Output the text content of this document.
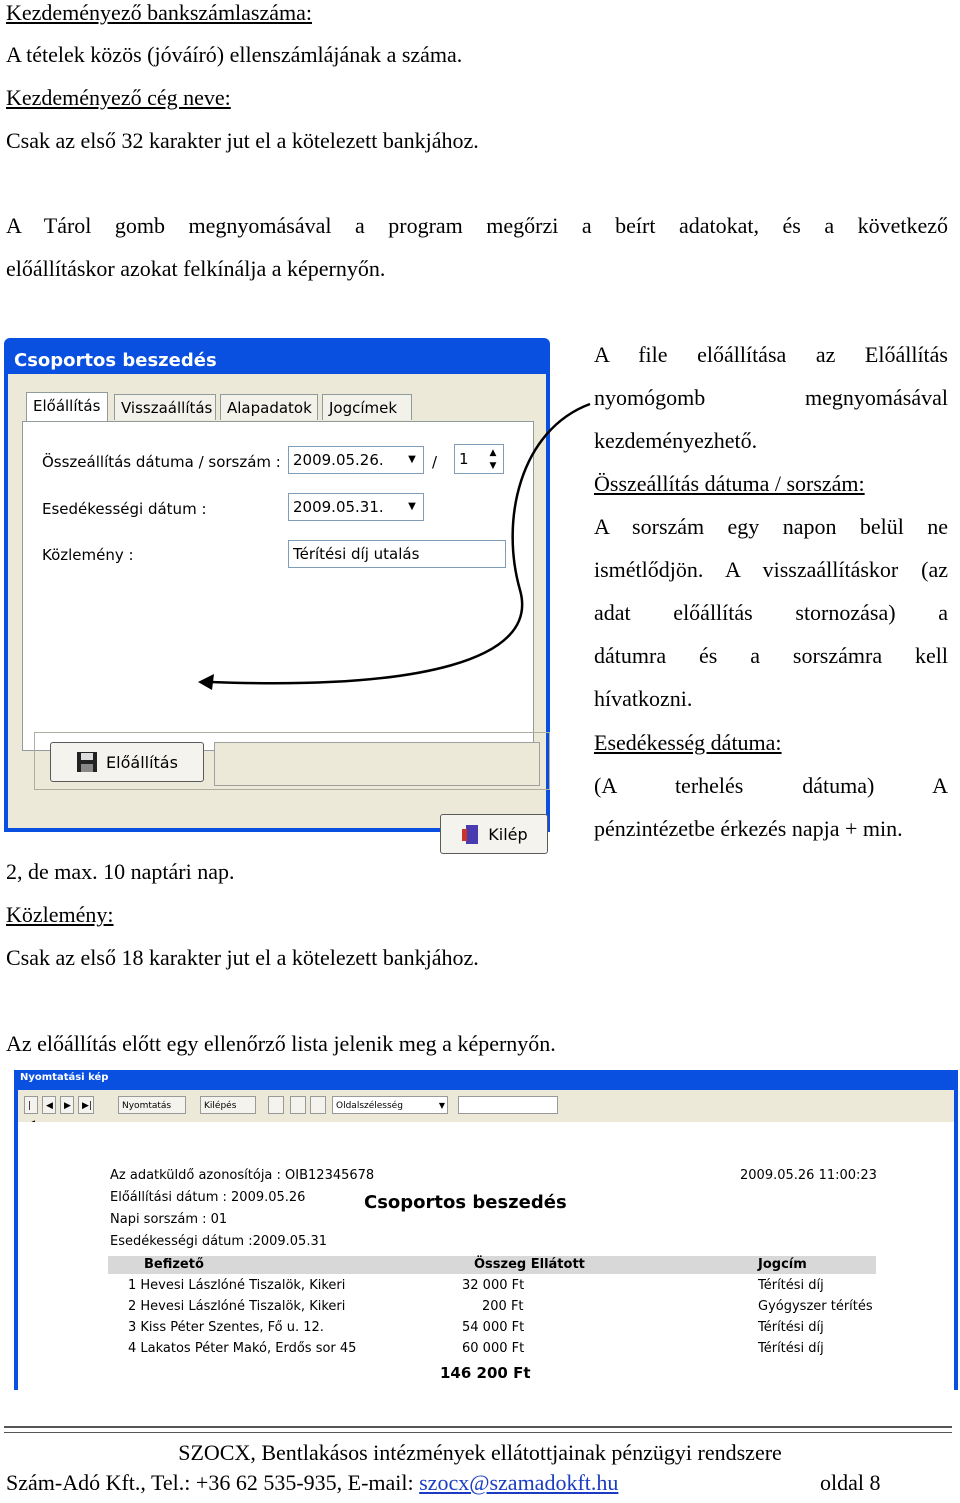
Kezdeményező bankszámlaszáma:
A tételek közös (jóváíró) ellenszámlájának a száma.
Kezdeményező cég neve:
Csak az első 32 karakter jut el a kötelezett bankjához.
A Tárol gomb megnyomásával a program megőrzi a beírt adatokat, és a következő
előállításkor azokat felkínálja a képernyőn.
A file előállítása az Előállítás
nyomógomb megnyomásával
kezdeményezhető.
Összeállítás dátuma / sorszám:
A sorszám egy napon belül ne
ismétlődjön. A visszaállításkor (az
adat előállítás stornozása) a
dátumra és a sorszámra kell
hívatkozni.
Esedékesség dátuma:
(A terhelés dátuma) A
pénzintézetbe érkezés napja + min.
Csoportos beszedés
Előállítás	Visszaállítás Alapadatok	Jogcímek
Összeállítás dátuma / sorszám : 2009.05.26.	▼	/	1	▲
▼
Esedékességi dátum :	2009.05.31.	▼
Közlemény :	Térítési díj utalás
Előállítás
Kilép
2, de max. 10 naptári nap.
Közlemény:
Csak az első 18 karakter jut el a kötelezett bankjához.
Az előállítás előtt egy ellenőrző lista jelenik meg a képernyőn.
Nyomtatási kép
|	◀	▶	▶|	Nyomtatás	Kilépés	Oldalszélesség	▼
Az adatküldő azonosítója : OIB12345678
Előállítási dátum : 2009.05.26
Napi sorszám : 01
Esedékességi dátum :2009.05.31
2009.05.26 11:00:23
Csoportos beszedés
Befizető	Összeg Ellátott	Jogcím
1 Hevesi Lászlóné Tiszalök, Kikeri	32 000 Ft	Térítési díj
2 Hevesi Lászlóné Tiszalök, Kikeri	200 Ft	Gyógyszer térítés
3 Kiss Péter Szentes, Fő u. 12.	54 000 Ft	Térítési díj
4 Lakatos Péter Makó, Erdős sor 45	60 000 Ft	Térítési díj
146 200 Ft
SZOCX, Bentlakásos intézmények ellátottjainak pénzügyi rendszere
Szám-Adó Kft., Tel.: +36 62 535-935, E-mail: szocx@szamadokft.hu	oldal 8
